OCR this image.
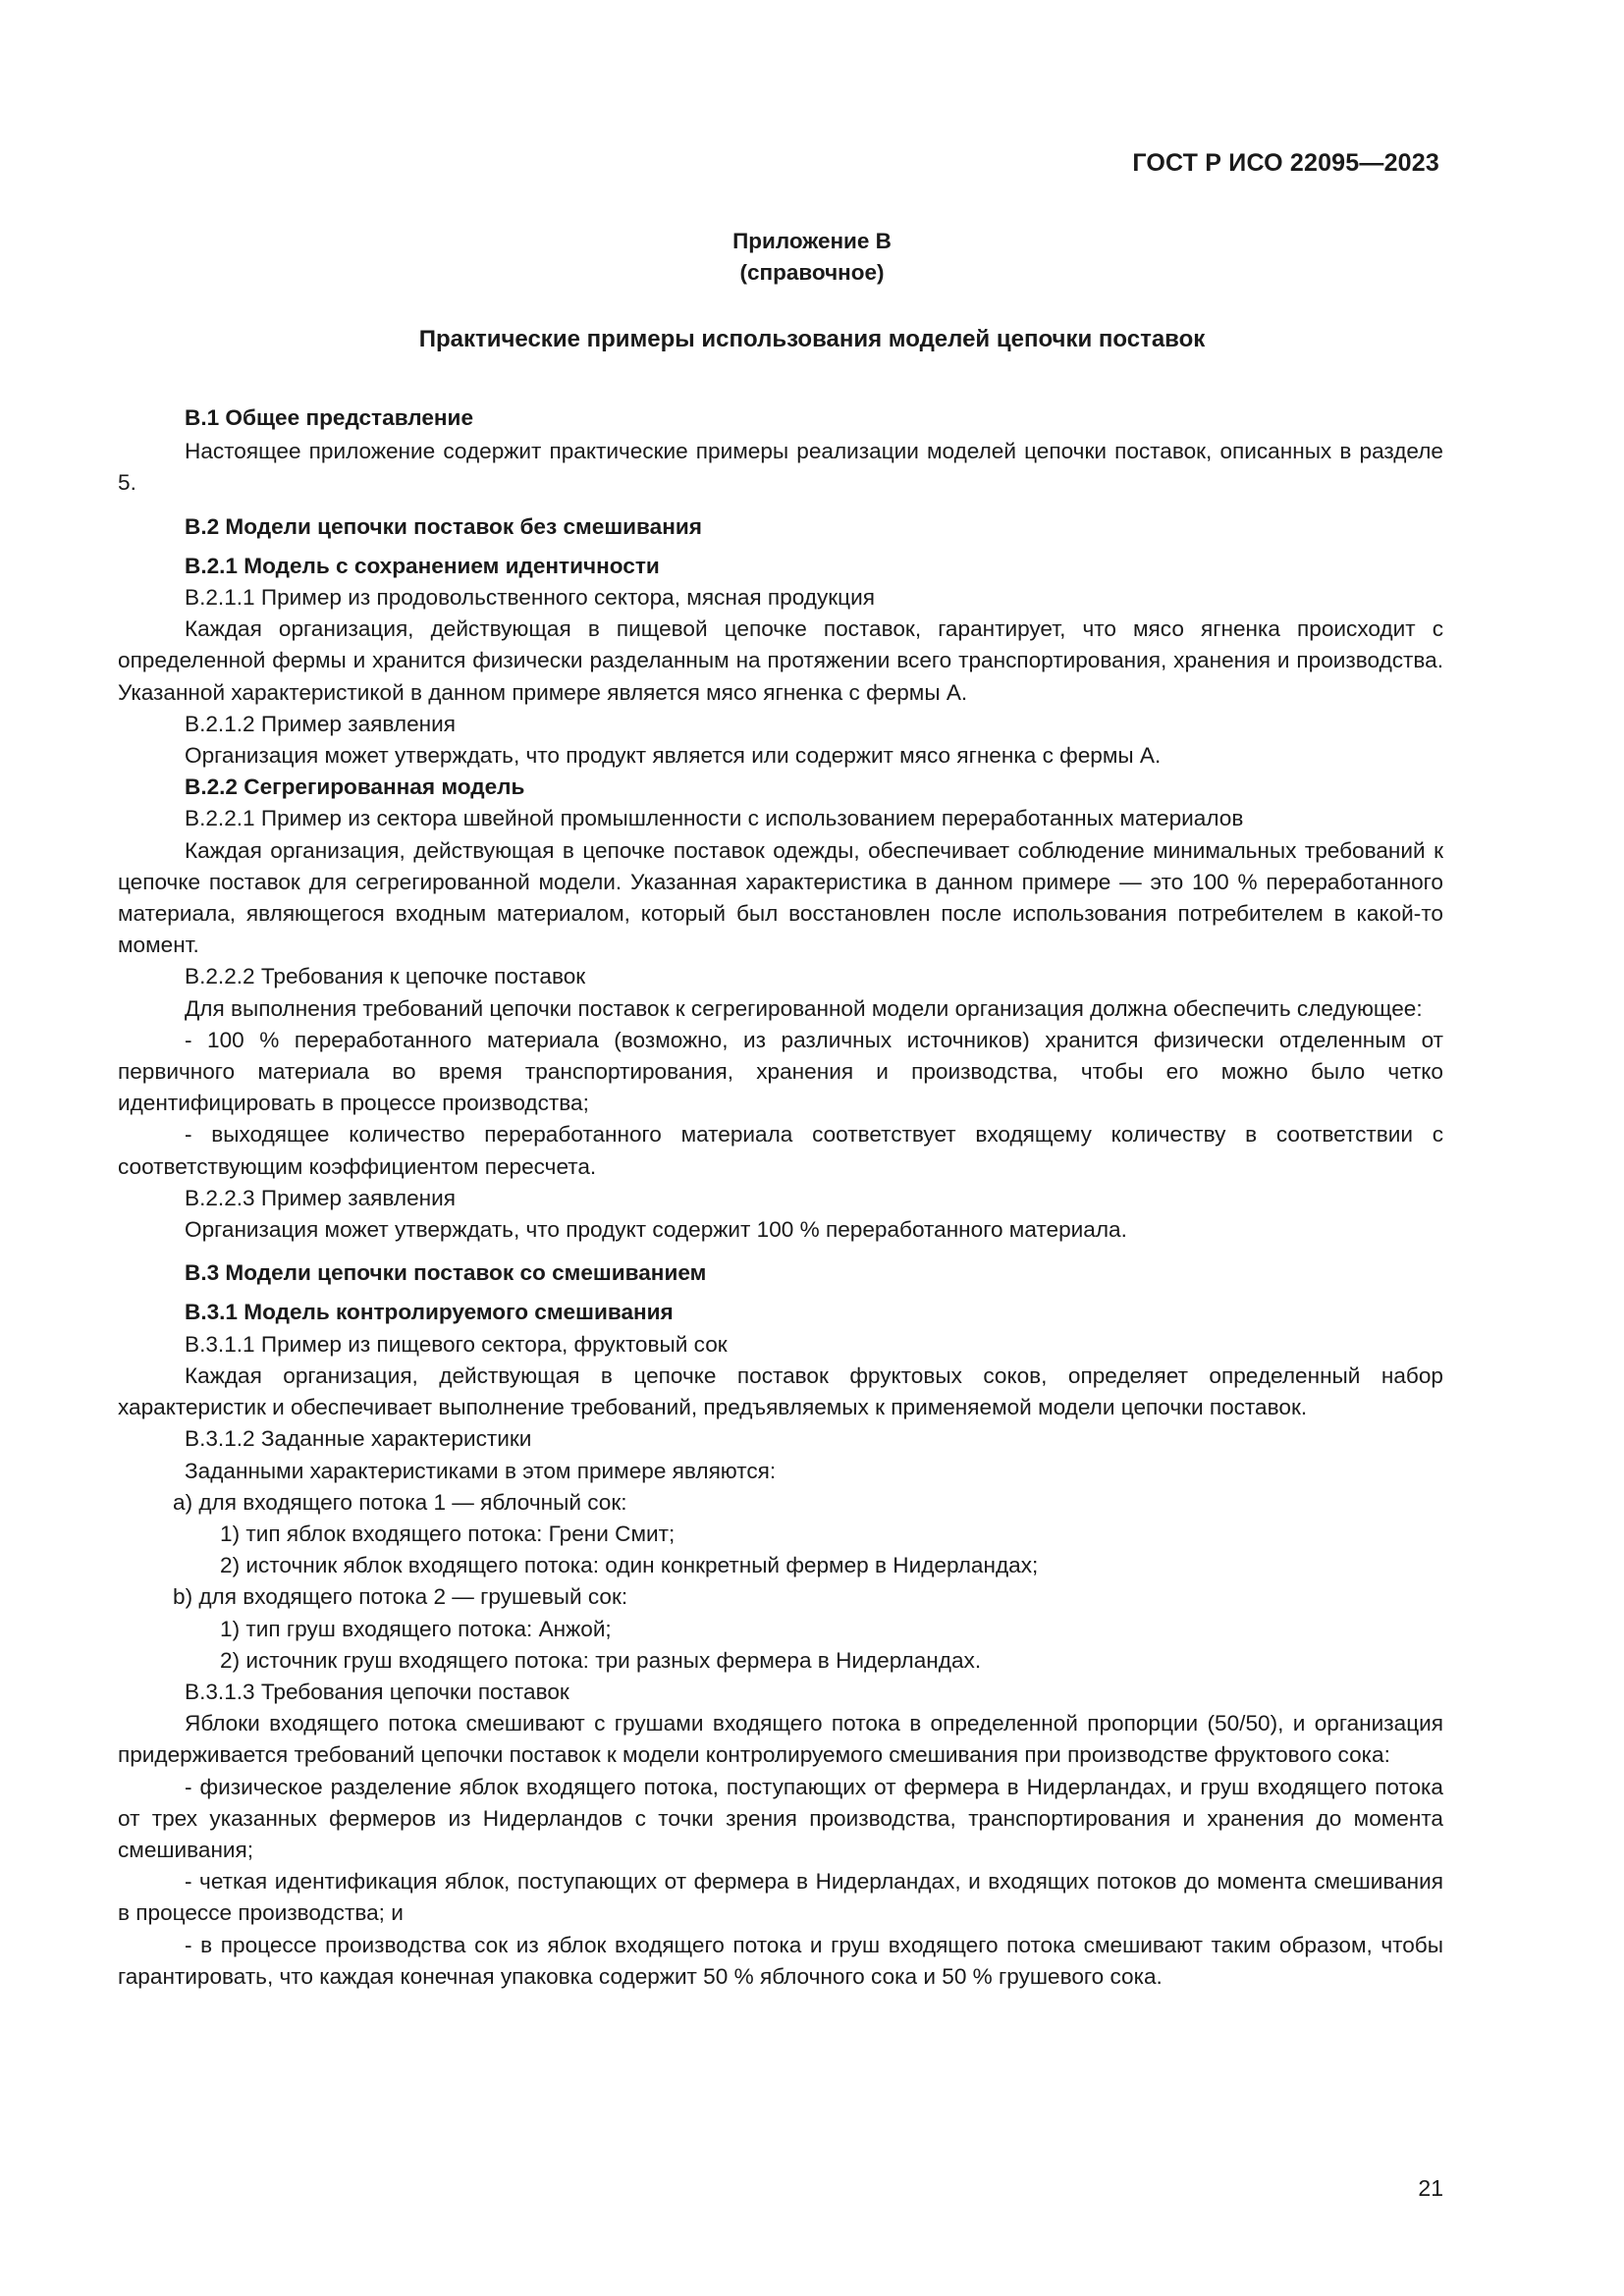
ГОСТ Р ИСО 22095—2023
Приложение В
(справочное)
Практические примеры использования моделей цепочки поставок

В.1 Общее представление

Настоящее приложение содержит практические примеры реализации моделей цепочки поставок, описанных в разделе 5.

В.2 Модели цепочки поставок без смешивания

В.2.1 Модель с сохранением идентичности

В.2.1.1 Пример из продовольственного сектора, мясная продукция

Каждая организация, действующая в пищевой цепочке поставок, гарантирует, что мясо ягненка происходит с определенной фермы и хранится физически разделанным на протяжении всего транспортирования, хранения и производства. Указанной характеристикой в данном примере является мясо ягненка с фермы А.

В.2.1.2 Пример заявления

Организация может утверждать, что продукт является или содержит мясо ягненка с фермы А.

В.2.2 Сегрегированная модель

В.2.2.1 Пример из сектора швейной промышленности с использованием переработанных материалов

Каждая организация, действующая в цепочке поставок одежды, обеспечивает соблюдение минимальных требований к цепочке поставок для сегрегированной модели. Указанная характеристика в данном примере — это 100 % переработанного материала, являющегося входным материалом, который был восстановлен после использования потребителем в какой-то момент.

В.2.2.2 Требования к цепочке поставок

Для выполнения требований цепочки поставок к сегрегированной модели организация должна обеспечить следующее:

- 100 % переработанного материала (возможно, из различных источников) хранится физически отделенным от первичного материала во время транспортирования, хранения и производства, чтобы его можно было четко идентифицировать в процессе производства;

- выходящее количество переработанного материала соответствует входящему количеству в соответствии с соответствующим коэффициентом пересчета.

В.2.2.3 Пример заявления

Организация может утверждать, что продукт содержит 100 % переработанного материала.

В.3 Модели цепочки поставок со смешиванием

В.3.1 Модель контролируемого смешивания

В.3.1.1 Пример из пищевого сектора, фруктовый сок

Каждая организация, действующая в цепочке поставок фруктовых соков, определяет определенный набор характеристик и обеспечивает выполнение требований, предъявляемых к применяемой модели цепочки поставок.

В.3.1.2 Заданные характеристики

Заданными характеристиками в этом примере являются:

а) для входящего потока 1 — яблочный сок:

1) тип яблок входящего потока: Грени Смит;

2) источник яблок входящего потока: один конкретный фермер в Нидерландах;

b) для входящего потока 2 — грушевый сок:

1) тип груш входящего потока: Анжой;

2) источник груш входящего потока: три разных фермера в Нидерландах.

В.3.1.3 Требования цепочки поставок

Яблоки входящего потока смешивают с грушами входящего потока в определенной пропорции (50/50), и организация придерживается требований цепочки поставок к модели контролируемого смешивания при производстве фруктового сока:

- физическое разделение яблок входящего потока, поступающих от фермера в Нидерландах, и груш входящего потока от трех указанных фермеров из Нидерландов с точки зрения производства, транспортирования и хранения до момента смешивания;

- четкая идентификация яблок, поступающих от фермера в Нидерландах, и входящих потоков до момента смешивания в процессе производства; и

- в процессе производства сок из яблок входящего потока и груш входящего потока смешивают таким образом, чтобы гарантировать, что каждая конечная упаковка содержит 50 % яблочного сока и 50 % грушевого сока.

21
